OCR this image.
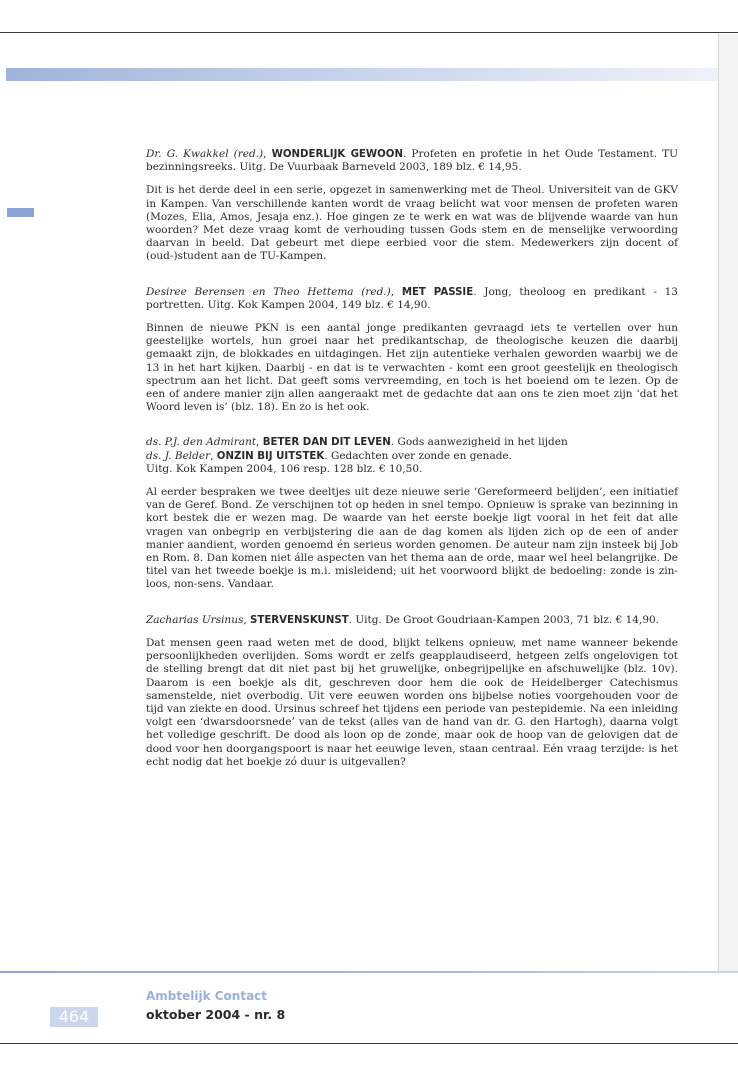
Dr. G. Kwakkel (red.), WONDERLIJK GEWOON. Profeten en profetie in het Oude Testament. TU bezinningsreeks. Uitg. De Vuurbaak Barneveld 2003, 189 blz. € 14,95.

Dit is het derde deel in een serie, opgezet in samenwerking met de Theol. Universiteit van de GKV in Kampen. Van verschillende kanten wordt de vraag belicht wat voor mensen de profeten waren (Mozes, Elia, Amos, Jesaja enz.). Hoe gingen ze te werk en wat was de blijvende waarde van hun woorden? Met deze vraag komt de verhouding tussen Gods stem en de menselijke verwoording daarvan in beeld. Dat gebeurt met diepe eerbied voor die stem. Medewerkers zijn docent of (oud-)student aan de TU-Kampen.

Desiree Berensen en Theo Hettema (red.), MET PASSIE. Jong, theoloog en predikant - 13 portretten. Uitg. Kok Kampen 2004, 149 blz. € 14,90.

Binnen de nieuwe PKN is een aantal jonge predikanten gevraagd iets te vertellen over hun geestelijke wortels, hun groei naar het predikantschap, de theologische keuzen die daarbij gemaakt zijn, de blokkades en uitdagingen. Het zijn autentieke verhalen geworden waarbij we de 13 in het hart kijken. Daarbij - en dat is te verwachten - komt een groot geestelijk en theologisch spectrum aan het licht. Dat geeft soms vervreemding, en toch is het boeiend om te lezen. Op de een of andere manier zijn allen aangeraakt met de gedachte dat aan ons te zien moet zijn ‘dat het Woord leven is’ (blz. 18). En zo is het ook.

ds. P.J. den Admirant, BETER DAN DIT LEVEN. Gods aanwezigheid in het lijden

ds. J. Belder, ONZIN BIJ UITSTEK. Gedachten over zonde en genade.

Uitg. Kok Kampen 2004, 106 resp. 128 blz. € 10,50.

Al eerder bespraken we twee deeltjes uit deze nieuwe serie ‘Gereformeerd belijden’, een initiatief van de Geref. Bond. Ze verschijnen tot op heden in snel tempo. Opnieuw is sprake van bezinning in kort bestek die er wezen mag. De waarde van het eerste boekje ligt vooral in het feit dat alle vragen van onbegrip en verbijstering die aan de dag komen als lijden zich op de een of ander manier aandient, worden genoemd én serieus worden genomen. De auteur nam zijn insteek bij Job en Rom. 8. Dan komen niet álle aspecten van het thema aan de orde, maar wel heel belangrijke. De titel van het tweede boekje is m.i. misleidend; uit het voorwoord blijkt de bedoeling: zonde is zin-loos, non-sens. Vandaar.

Zacharias Ursinus, STERVENSKUNST. Uitg. De Groot Goudriaan-Kampen 2003, 71 blz. € 14,90.

Dat mensen geen raad weten met de dood, blijkt telkens opnieuw, met name wanneer bekende persoonlijkheden overlijden. Soms wordt er zelfs geapplaudiseerd, hetgeen zelfs ongelovigen tot de stelling brengt dat dit niet past bij het gruwelijke, onbegrijpelijke en afschuwelijke (blz. 10v). Daarom is een boekje als dit, geschreven door hem die ook de Heidelberger Catechismus samenstelde, niet overbodig. Uit vere eeuwen worden ons bijbelse noties voorgehouden voor de tijd van ziekte en dood. Ursinus schreef het tijdens een periode van pestepidemie. Na een inleiding volgt een ‘dwarsdoorsnede’ van de tekst (alles van de hand van dr. G. den Hartogh), daarna volgt het volledige geschrift. De dood als loon op de zonde, maar ook de hoop van de gelovigen dat de dood voor hen doorgangspoort is naar het eeuwige leven, staan centraal. Eén vraag terzijde: is het echt nodig dat het boekje zó duur is uitgevallen?

464
Ambtelijk Contact
oktober 2004 - nr. 8
